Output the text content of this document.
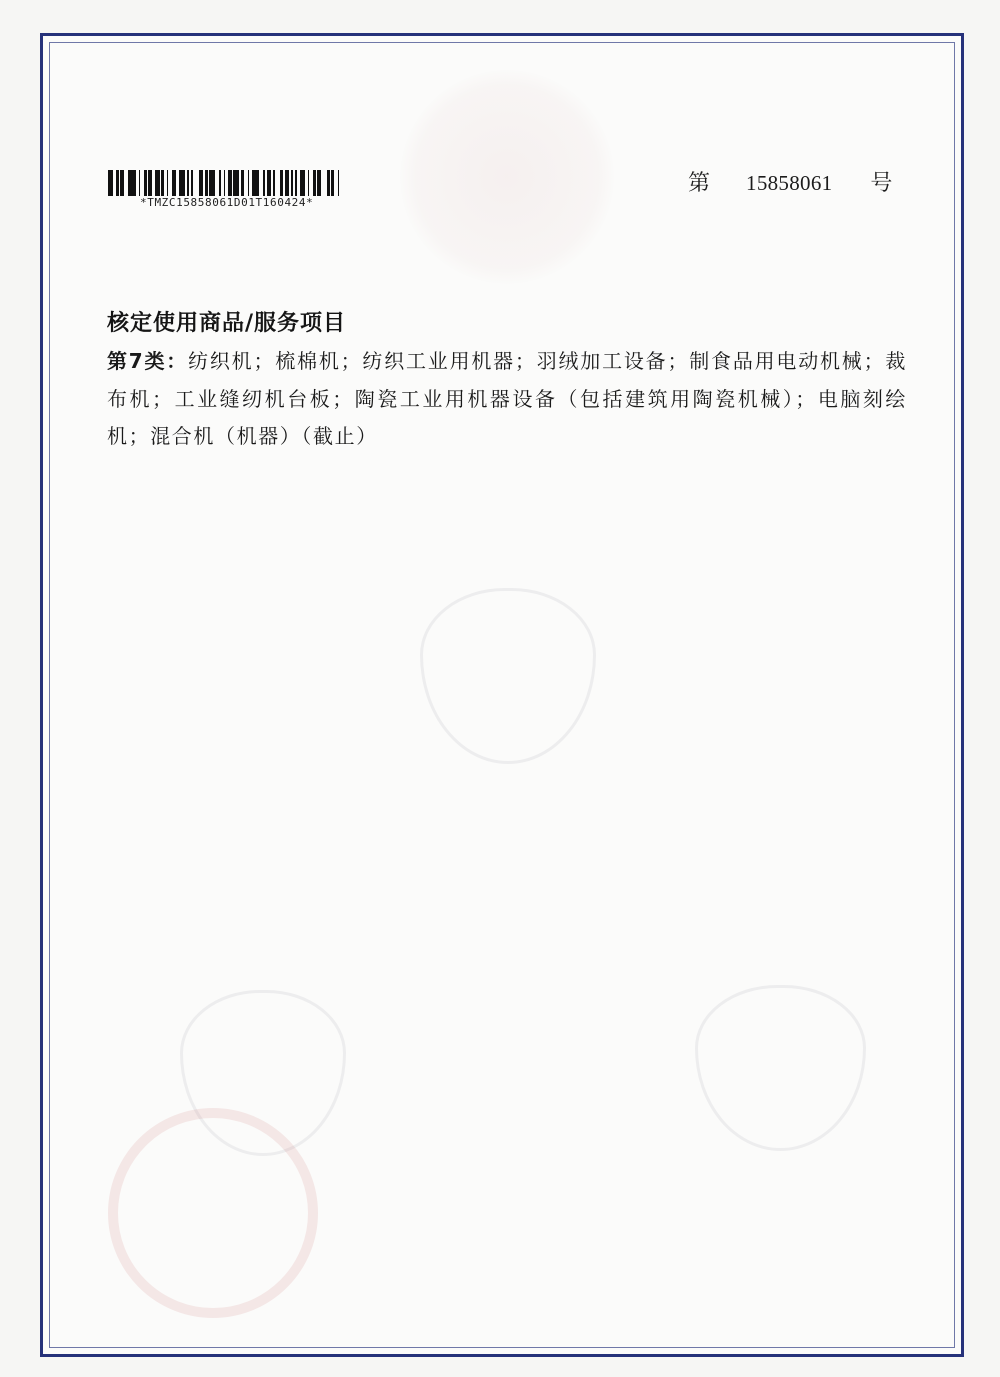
*TMZC15858061D01T160424*
第 15858061 号
核定使用商品/服务项目
第7类：纺织机；梳棉机；纺织工业用机器；羽绒加工设备；制食品用电动机械；裁布机；工业缝纫机台板；陶瓷工业用机器设备（包括建筑用陶瓷机械）；电脑刻绘机；混合机（机器）（截止）
